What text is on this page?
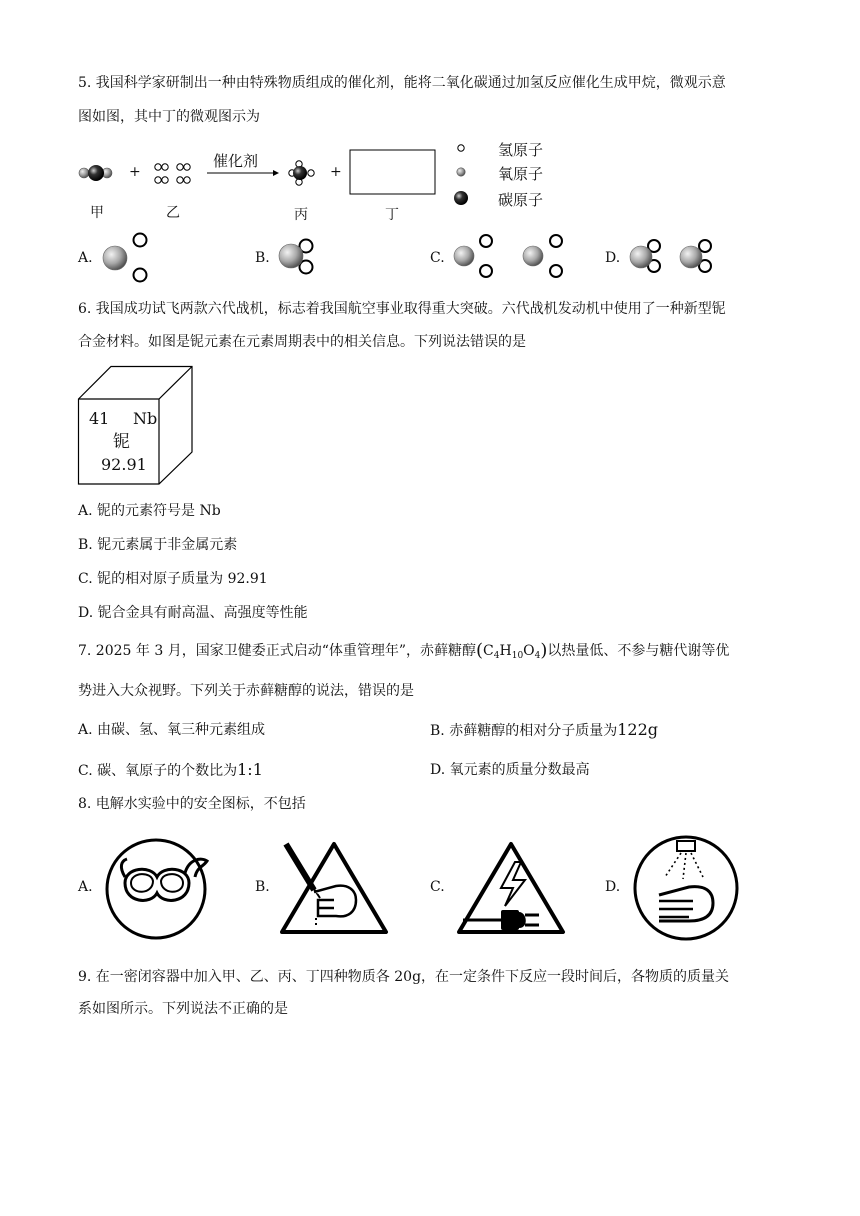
5. 我国科学家研制出一种由特殊物质组成的催化剂，能将二氧化碳通过加氢反应催化生成甲烷，微观示意
图如图，其中丁的微观图示为
+
催化剂
+
甲	乙	丙	丁
氢原子
氧原子
碳原子
A.	B.	C.	D.
6. 我国成功试飞两款六代战机，标志着我国航空事业取得重大突破。六代战机发动机中使用了一种新型铌
合金材料。如图是铌元素在元素周期表中的相关信息。下列说法错误的是
41 Nb
铌
92.91
A. 铌的元素符号是 Nb
B. 铌元素属于非金属元素
C. 铌的相对原子质量为 92.91
D. 铌合金具有耐高温、高强度等性能
7. 2025 年 3 月，国家卫健委正式启动“体重管理年”，赤藓糖醇$(C_4H_{10}O_4)$以热量低、不参与糖代谢等优
势进入大众视野。下列关于赤藓糖醇的说法，错误的是
A. 由碳、氢、氧三种元素组成	B. 赤藓糖醇的相对分子质量为122g
C. 碳、氧原子的个数比为1:1	D. 氧元素的质量分数最高
8. 电解水实验中的安全图标，不包括
A.	B.	C.	D.
9. 在一密闭容器中加入甲、乙、丙、丁四种物质各 20g，在一定条件下反应一段时间后，各物质的质量关
系如图所示。下列说法不正确的是
